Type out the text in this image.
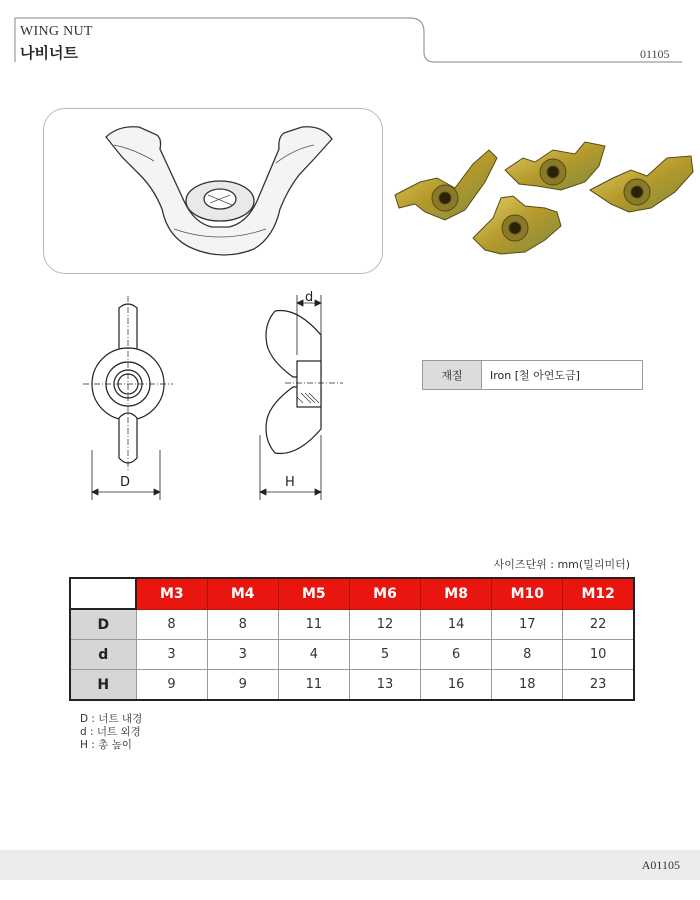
WING NUT
나비너트	01105
D
d
H
재질	Iron [철 아연도금]
사이즈단위 : mm(밀리미터)
	M3	M4	M5	M6	M8	M10	M12
D	8	8	11	12	14	17	22
d	3	3	4	5	6	8	10
H	9	9	11	13	16	18	23
D : 너트 내경
d : 너트 외경
H : 총 높이
A01105
